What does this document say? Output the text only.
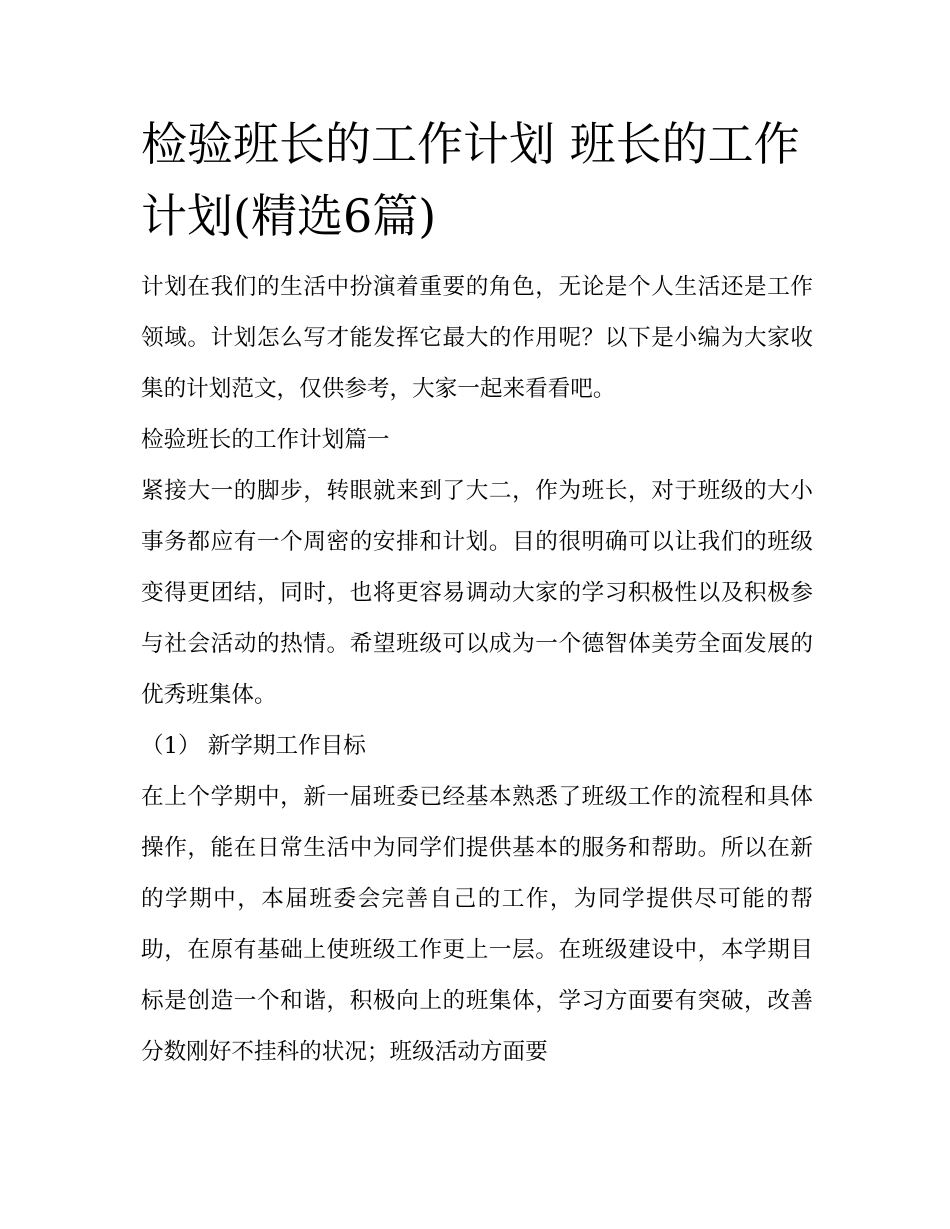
检验班长的工作计划 班长的工作计划(精选6篇)

计划在我们的生活中扮演着重要的角色，无论是个人生活还是工作领域。计划怎么写才能发挥它最大的作用呢？以下是小编为大家收集的计划范文，仅供参考，大家一起来看看吧。

检验班长的工作计划篇一

紧接大一的脚步，转眼就来到了大二，作为班长，对于班级的大小事务都应有一个周密的安排和计划。目的很明确可以让我们的班级变得更团结，同时，也将更容易调动大家的学习积极性以及积极参与社会活动的热情。希望班级可以成为一个德智体美劳全面发展的优秀班集体。

（1） 新学期工作目标

在上个学期中，新一届班委已经基本熟悉了班级工作的流程和具体操作，能在日常生活中为同学们提供基本的服务和帮助。所以在新的学期中，本届班委会完善自己的工作，为同学提供尽可能的帮助，在原有基础上使班级工作更上一层。在班级建设中，本学期目标是创造一个和谐，积极向上的班集体，学习方面要有突破，改善分数刚好不挂科的状况；班级活动方面要
